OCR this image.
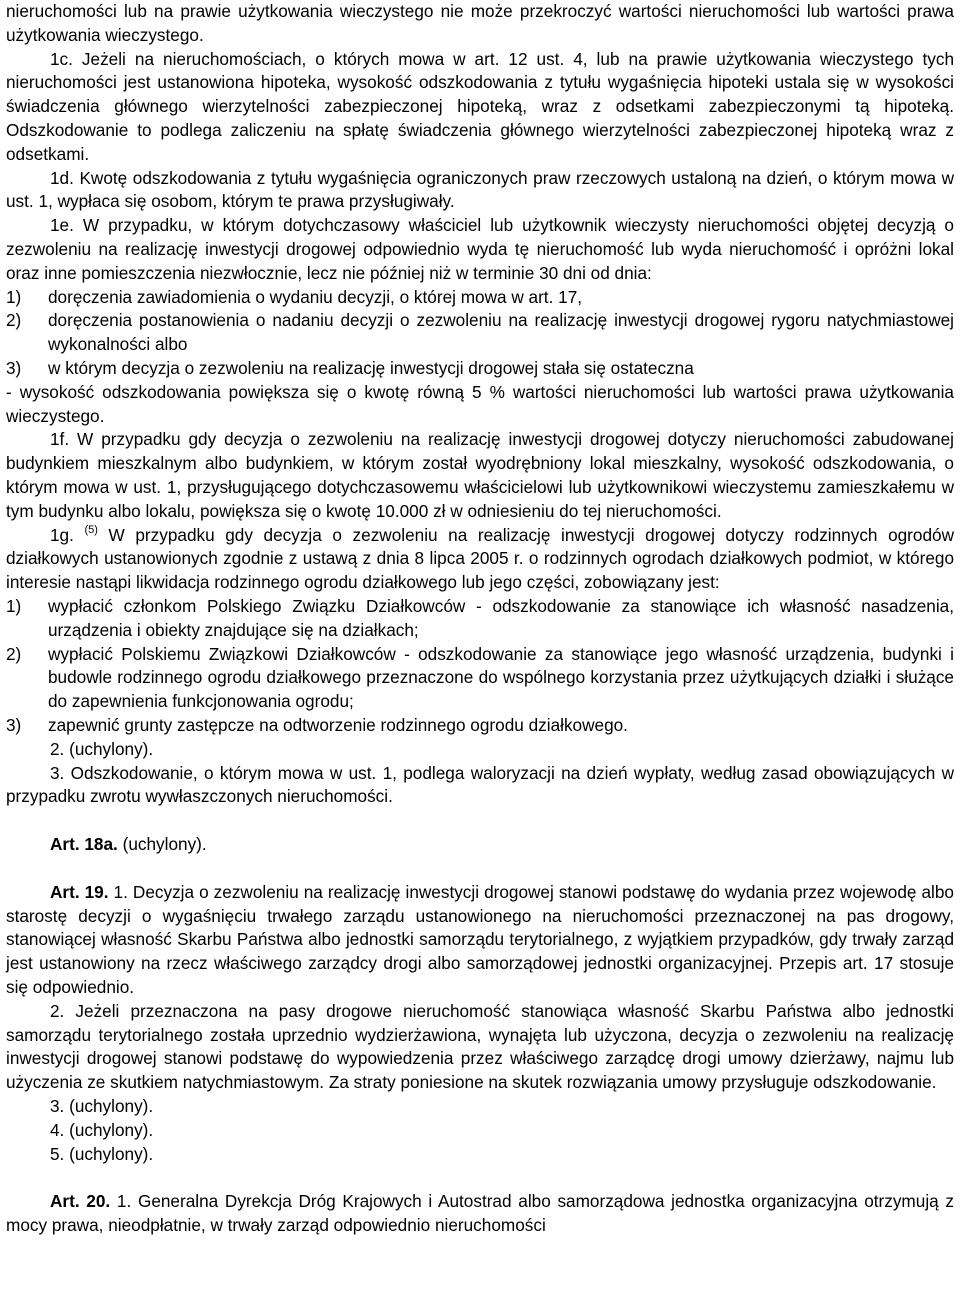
nieruchomości lub na prawie użytkowania wieczystego nie może przekroczyć wartości nieruchomości lub wartości prawa użytkowania wieczystego.

1c. Jeżeli na nieruchomościach, o których mowa w art. 12 ust. 4, lub na prawie użytkowania wieczystego tych nieruchomości jest ustanowiona hipoteka, wysokość odszkodowania z tytułu wygaśnięcia hipoteki ustala się w wysokości świadczenia głównego wierzytelności zabezpieczonej hipoteką, wraz z odsetkami zabezpieczonymi tą hipoteką. Odszkodowanie to podlega zaliczeniu na spłatę świadczenia głównego wierzytelności zabezpieczonej hipoteką wraz z odsetkami.

1d. Kwotę odszkodowania z tytułu wygaśnięcia ograniczonych praw rzeczowych ustaloną na dzień, o którym mowa w ust. 1, wypłaca się osobom, którym te prawa przysługiwały.

1e. W przypadku, w którym dotychczasowy właściciel lub użytkownik wieczysty nieruchomości objętej decyzją o zezwoleniu na realizację inwestycji drogowej odpowiednio wyda tę nieruchomość lub wyda nieruchomość i opróżni lokal oraz inne pomieszczenia niezwłocznie, lecz nie później niż w terminie 30 dni od dnia:

1) doręczenia zawiadomienia o wydaniu decyzji, o której mowa w art. 17,
2) doręczenia postanowienia o nadaniu decyzji o zezwoleniu na realizację inwestycji drogowej rygoru natychmiastowej wykonalności albo
3) w którym decyzja o zezwoleniu na realizację inwestycji drogowej stała się ostateczna

- wysokość odszkodowania powiększa się o kwotę równą 5 % wartości nieruchomości lub wartości prawa użytkowania wieczystego.

1f. W przypadku gdy decyzja o zezwoleniu na realizację inwestycji drogowej dotyczy nieruchomości zabudowanej budynkiem mieszkalnym albo budynkiem, w którym został wyodrębniony lokal mieszkalny, wysokość odszkodowania, o którym mowa w ust. 1, przysługującego dotychczasowemu właścicielowi lub użytkownikowi wieczystemu zamieszkałemu w tym budynku albo lokalu, powiększa się o kwotę 10.000 zł w odniesieniu do tej nieruchomości.

1g. $^{(5)}$ W przypadku gdy decyzja o zezwoleniu na realizację inwestycji drogowej dotyczy rodzinnych ogrodów działkowych ustanowionych zgodnie z ustawą z dnia 8 lipca 2005 r. o rodzinnych ogrodach działkowych podmiot, w którego interesie nastąpi likwidacja rodzinnego ogrodu działkowego lub jego części, zobowiązany jest:

1) wypłacić członkom Polskiego Związku Działkowców - odszkodowanie za stanowiące ich własność nasadzenia, urządzenia i obiekty znajdujące się na działkach;
2) wypłacić Polskiemu Związkowi Działkowców - odszkodowanie za stanowiące jego własność urządzenia, budynki i budowle rodzinnego ogrodu działkowego przeznaczone do wspólnego korzystania przez użytkujących działki i służące do zapewnienia funkcjonowania ogrodu;
3) zapewnić grunty zastępcze na odtworzenie rodzinnego ogrodu działkowego.

2. (uchylony).

3. Odszkodowanie, o którym mowa w ust. 1, podlega waloryzacji na dzień wypłaty, według zasad obowiązujących w przypadku zwrotu wywłaszczonych nieruchomości.

Art. 18a. (uchylony).

Art. 19. 1. Decyzja o zezwoleniu na realizację inwestycji drogowej stanowi podstawę do wydania przez wojewodę albo starostę decyzji o wygaśnięciu trwałego zarządu ustanowionego na nieruchomości przeznaczonej na pas drogowy, stanowiącej własność Skarbu Państwa albo jednostki samorządu terytorialnego, z wyjątkiem przypadków, gdy trwały zarząd jest ustanowiony na rzecz właściwego zarządcy drogi albo samorządowej jednostki organizacyjnej. Przepis art. 17 stosuje się odpowiednio.

2. Jeżeli przeznaczona na pasy drogowe nieruchomość stanowiąca własność Skarbu Państwa albo jednostki samorządu terytorialnego została uprzednio wydzierżawiona, wynajęta lub użyczona, decyzja o zezwoleniu na realizację inwestycji drogowej stanowi podstawę do wypowiedzenia przez właściwego zarządcę drogi umowy dzierżawy, najmu lub użyczenia ze skutkiem natychmiastowym. Za straty poniesione na skutek rozwiązania umowy przysługuje odszkodowanie.

3. (uchylony).

4. (uchylony).

5. (uchylony).

Art. 20. 1. Generalna Dyrekcja Dróg Krajowych i Autostrad albo samorządowa jednostka organizacyjna otrzymują z mocy prawa, nieodpłatnie, w trwały zarząd odpowiednio nieruchomości
